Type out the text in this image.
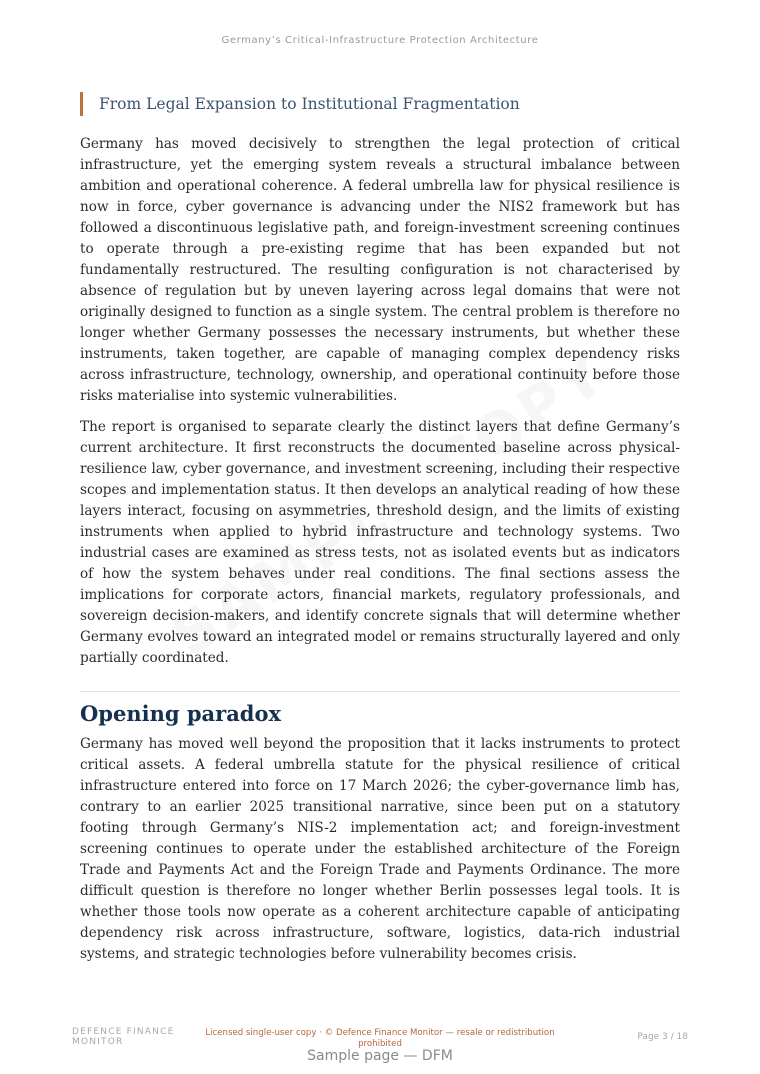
Germany’s Critical-Infrastructure Protection Architecture
From Legal Expansion to Institutional Fragmentation

Germany has moved decisively to strengthen the legal protection of critical infrastructure, yet the emerging system reveals a structural imbalance between ambition and operational coherence. A federal umbrella law for physical resilience is now in force, cyber governance is advancing under the NIS2 framework but has followed a discontinuous legislative path, and foreign-investment screening continues to operate through a pre-existing regime that has been expanded but not fundamentally restructured. The resulting configuration is not characterised by absence of regulation but by uneven layering across legal domains that were not originally designed to function as a single system. The central problem is therefore no longer whether Germany possesses the necessary instruments, but whether these instruments, taken together, are capable of managing complex dependency risks across infrastructure, technology, ownership, and operational continuity before those risks materialise into systemic vulnerabilities.

The report is organised to separate clearly the distinct layers that define Germany’s current architecture. It first reconstructs the documented baseline across physical-resilience law, cyber governance, and investment screening, including their respective scopes and implementation status. It then develops an analytical reading of how these layers interact, focusing on asymmetries, threshold design, and the limits of existing instruments when applied to hybrid infrastructure and technology systems. Two industrial cases are examined as stress tests, not as isolated events but as indicators of how the system behaves under real conditions. The final sections assess the implications for corporate actors, financial markets, regulatory professionals, and sovereign decision-makers, and identify concrete signals that will determine whether Germany evolves toward an integrated model or remains structurally layered and only partially coordinated.

Opening paradox

Germany has moved well beyond the proposition that it lacks instruments to protect critical assets. A federal umbrella statute for the physical resilience of critical infrastructure entered into force on 17 March 2026; the cyber-governance limb has, contrary to an earlier 2025 transitional narrative, since been put on a statutory footing through Germany’s NIS-2 implementation act; and foreign-investment screening continues to operate under the established architecture of the Foreign Trade and Payments Act and the Foreign Trade and Payments Ordinance. The more difficult question is therefore no longer whether Berlin possesses legal tools. It is whether those tools now operate as a coherent architecture capable of anticipating dependency risk across infrastructure, software, logistics, data-rich industrial systems, and strategic technologies before vulnerability becomes crisis.

DEFENCE FINANCE
MONITOR
Licensed single-user copy · © Defence Finance Monitor — resale or redistribution prohibited
Page 3 / 18
Sample page — DFM
